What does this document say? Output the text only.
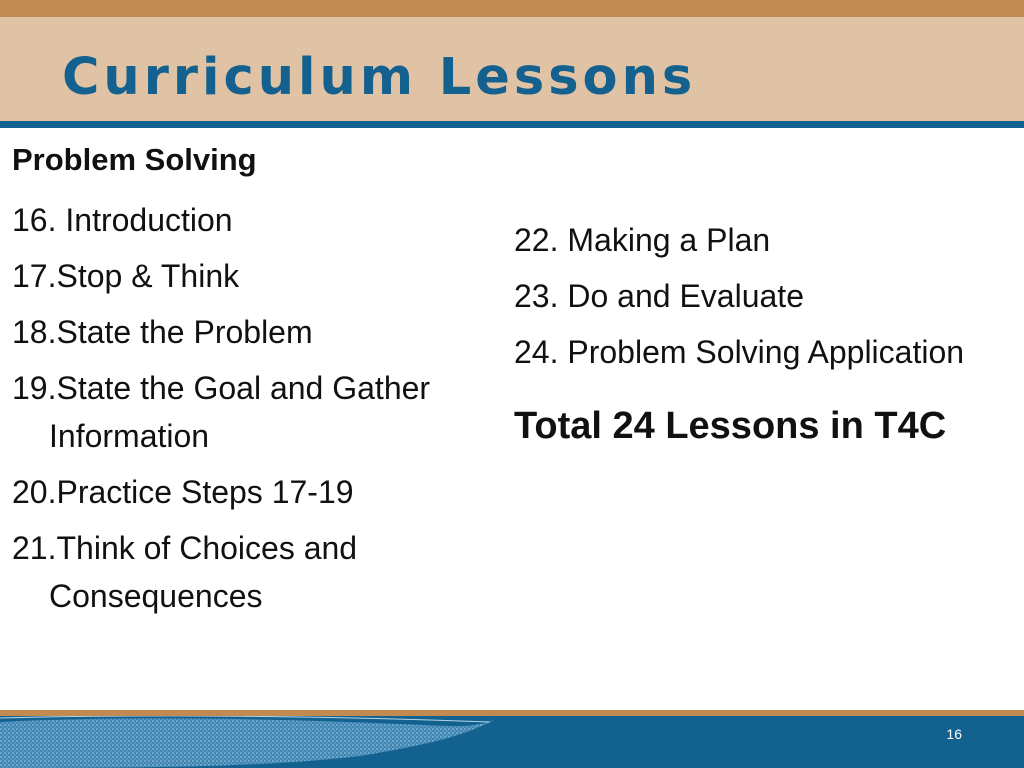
Curriculum Lessons
Problem Solving
16. Introduction
17.Stop & Think
18.State the Problem
19.State the Goal and Gather Information
20.Practice Steps 17-19
21.Think of Choices and Consequences
22. Making a Plan
23. Do and Evaluate
24. Problem Solving Application
Total 24 Lessons in T4C
16
